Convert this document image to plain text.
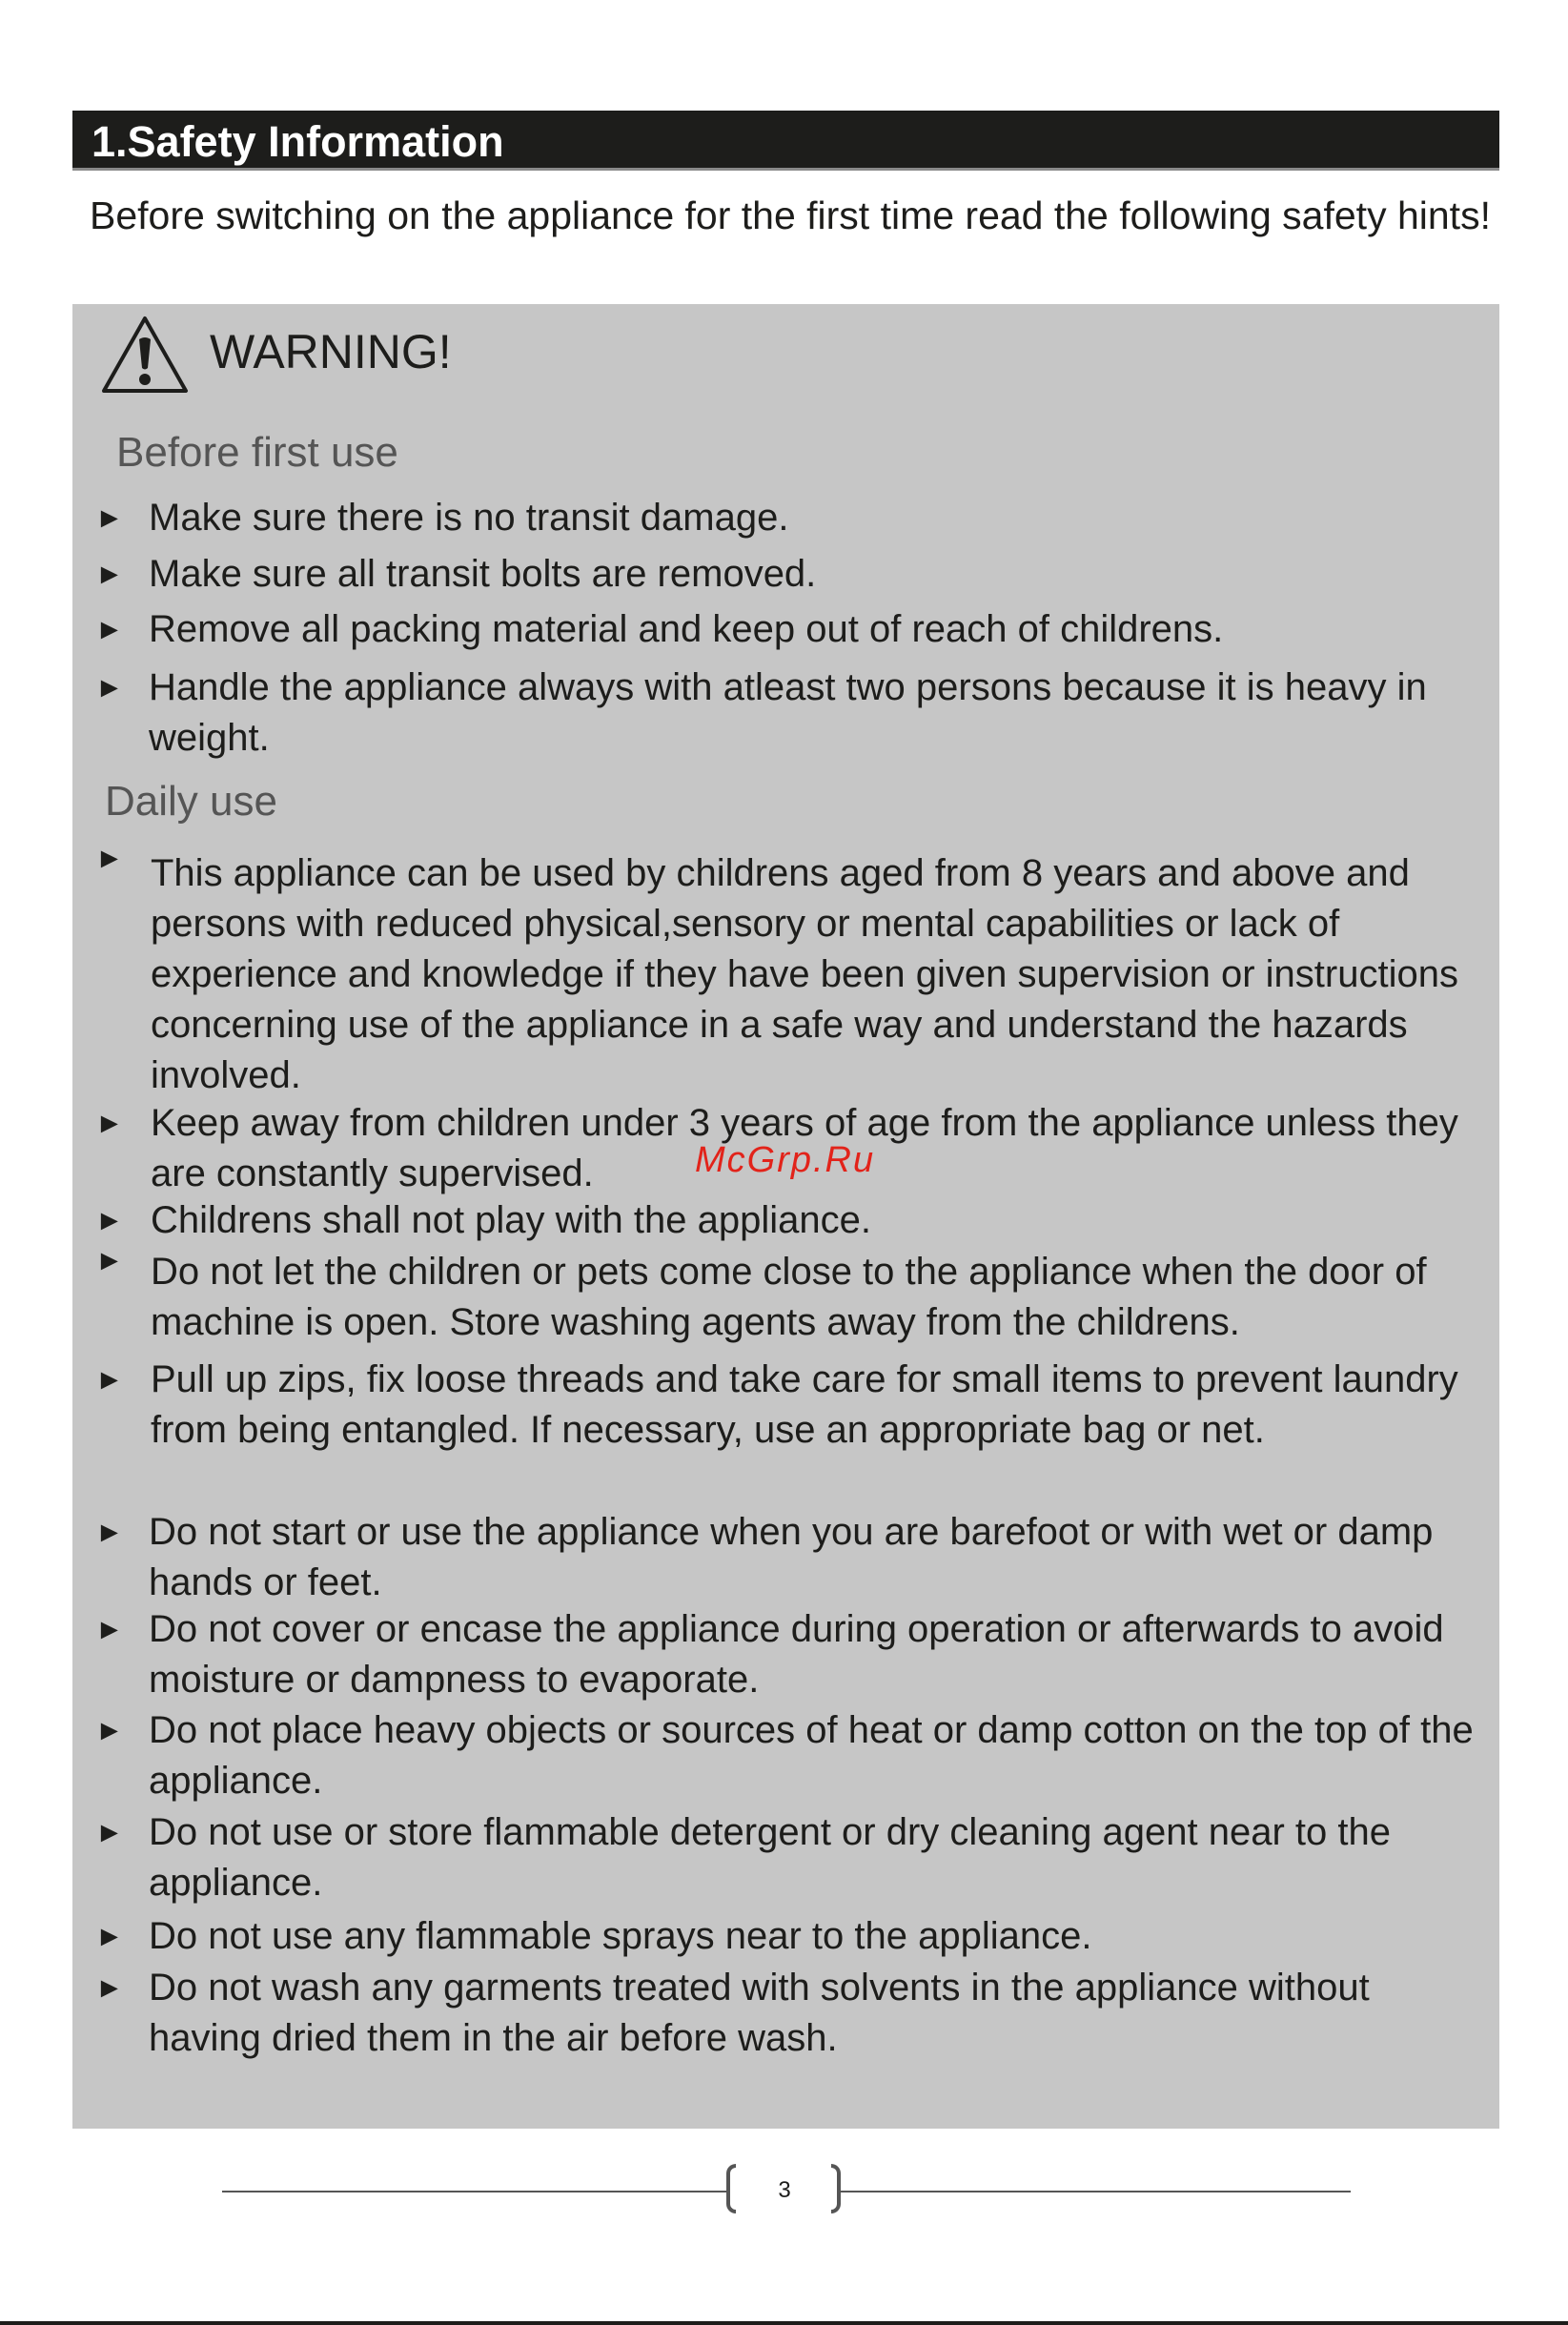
1.Safety Information

Before switching on the appliance for the first time read the following safety hints!

WARNING!
Before first use
► Make sure there is no transit damage.

► Make sure all transit bolts are removed.

► Remove all packing material and keep out of reach of childrens.

► Handle the appliance always with atleast two persons because it is heavy in weight.

Daily use
► This appliance can be used by childrens aged from 8 years and above and persons with reduced physical,sensory or mental capabilities or lack of experience and knowledge if they have been given supervision or instructions concerning use of the appliance in a safe way and understand the hazards involved.

► Keep away from children under 3 years of age from the appliance unless they are constantly supervised.

► Childrens shall not play with the appliance.

► Do not let the children or pets come close to the appliance when the door of machine is open. Store washing agents away from the childrens.

► Pull up zips, fix loose threads and take care for small items to prevent laundry from being entangled. If necessary, use an appropriate bag or net.

► Do not start or use the appliance when you are barefoot or with wet or damp hands or feet.

► Do not cover or encase the appliance during operation or afterwards to avoid moisture or dampness to evaporate.

► Do not place heavy objects or sources of heat or damp cotton on the top of the appliance.

► Do not use or store flammable detergent or dry cleaning agent near to the appliance.

► Do not use any flammable sprays near to the appliance.

► Do not wash any garments treated with solvents in the appliance without having dried them in the air before wash.

McGrp.Ru
3
